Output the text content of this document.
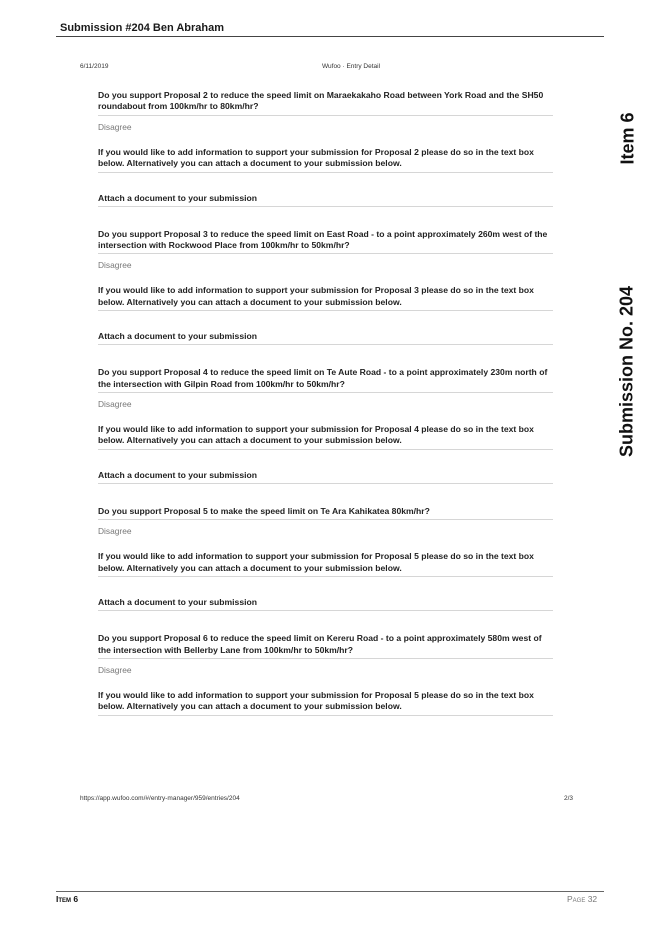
Submission #204 Ben Abraham
6/11/2019	Wufoo · Entry Detail
Item 6
Submission No. 204
Do you support Proposal 2 to reduce the speed limit on Maraekakaho Road between York Road and the SH50 roundabout from 100km/hr to 80km/hr?
Disagree
If you would like to add information to support your submission for Proposal 2 please do so in the text box below. Alternatively you can attach a document to your submission below.
Attach a document to your submission
Do you support Proposal 3 to reduce the speed limit on East Road - to a point approximately 260m west of the intersection with Rockwood Place from 100km/hr to 50km/hr?
Disagree
If you would like to add information to support your submission for Proposal 3 please do so in the text box below. Alternatively you can attach a document to your submission below.
Attach a document to your submission
Do you support Proposal 4 to reduce the speed limit on Te Aute Road - to a point approximately 230m north of the intersection with Gilpin Road from 100km/hr to 50km/hr?
Disagree
If you would like to add information to support your submission for Proposal 4 please do so in the text box below. Alternatively you can attach a document to your submission below.
Attach a document to your submission
Do you support Proposal 5 to make the speed limit on Te Ara Kahikatea 80km/hr?
Disagree
If you would like to add information to support your submission for Proposal 5 please do so in the text box below. Alternatively you can attach a document to your submission below.
Attach a document to your submission
Do you support Proposal 6 to reduce the speed limit on Kereru Road - to a point approximately 580m west of the intersection with Bellerby Lane from 100km/hr to 50km/hr?
Disagree
If you would like to add information to support your submission for Proposal 5 please do so in the text box below. Alternatively you can attach a document to your submission below.
https://app.wufoo.com/#/entry-manager/959/entries/204	2/3
Item 6	Page 32
